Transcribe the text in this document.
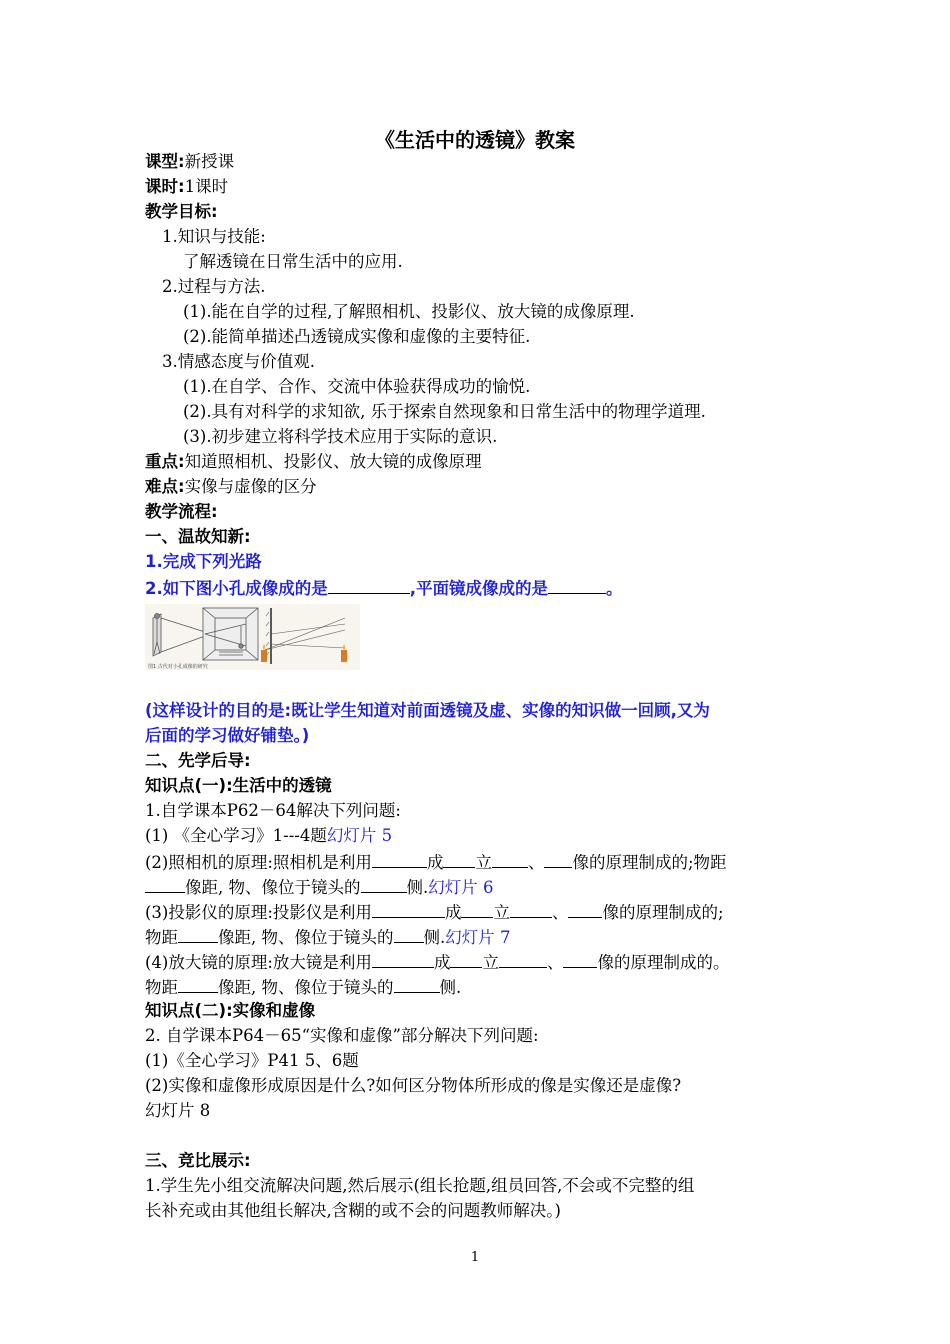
《生活中的透镜》教案
课型:新授课
课时:1课时
教学目标:
1.知识与技能:
了解透镜在日常生活中的应用.
2.过程与方法.
(1).能在自学的过程,了解照相机、投影仪、放大镜的成像原理.
(2).能简单描述凸透镜成实像和虚像的主要特征.
3.情感态度与价值观.
(1).在自学、合作、交流中体验获得成功的愉悦.
(2).具有对科学的求知欲, 乐于探索自然现象和日常生活中的物理学道理.
(3).初步建立将科学技术应用于实际的意识.
重点:知道照相机、投影仪、放大镜的成像原理
难点:实像与虚像的区分
教学流程:
一、温故知新:
1.完成下列光路
2.如下图小孔成像成的是	,平面镜成像成的是	。
图1 古代对小孔成像的研究
(这样设计的目的是:既让学生知道对前面透镜及虚、实像的知识做一回顾,又为
后面的学习做好铺垫。)
二、先学后导:
知识点(一):生活中的透镜
1.自学课本P62－64解决下列问题:
(1) 《全心学习》1---4题幻灯片 5
(2)照相机的原理:照相机是利用	成 立 、 像的原理制成的;物距
像距, 物、像位于镜头的	侧.幻灯片 6
(3)投影仪的原理:投影仪是利用	成 立	、 像的原理制成的;
物距 像距, 物、像位于镜头的 侧.幻灯片 7
(4)放大镜的原理:放大镜是利用	成 立	、 像的原理制成的。
物距 像距, 物、像位于镜头的	侧.
知识点(二):实像和虚像
2. 自学课本P64－65“实像和虚像”部分解决下列问题:
(1)《全心学习》P41 5、6题
(2)实像和虚像形成原因是什么?如何区分物体所形成的像是实像还是虚像?
幻灯片 8
三、竞比展示:
1.学生先小组交流解决问题,然后展示(组长抢题,组员回答,不会或不完整的组
长补充或由其他组长解决,含糊的或不会的问题教师解决。)
1
